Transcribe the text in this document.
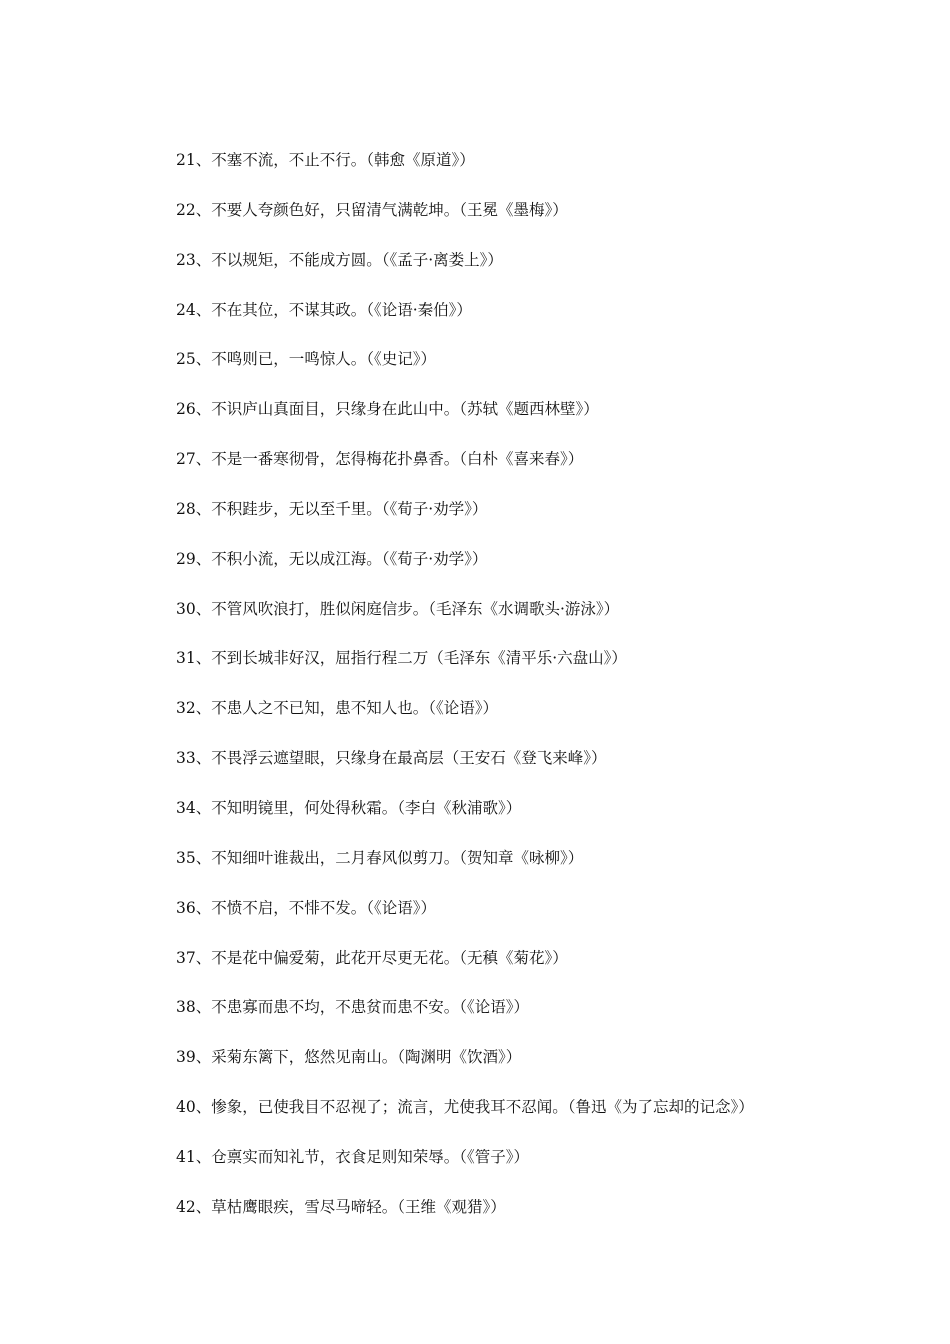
21、不塞不流，不止不行。（韩愈《原道》）
22、不要人夸颜色好，只留清气满乾坤。（王冕《墨梅》）
23、不以规矩，不能成方圆。（《孟子·离娄上》）
24、不在其位，不谋其政。（《论语·秦伯》）
25、不鸣则已，一鸣惊人。（《史记》）
26、不识庐山真面目，只缘身在此山中。（苏轼《题西林壁》）
27、不是一番寒彻骨，怎得梅花扑鼻香。（白朴《喜来春》）
28、不积跬步，无以至千里。（《荀子·劝学》）
29、不积小流，无以成江海。（《荀子·劝学》）
30、不管风吹浪打，胜似闲庭信步。（毛泽东《水调歌头·游泳》）
31、不到长城非好汉，屈指行程二万（毛泽东《清平乐·六盘山》）
32、不患人之不已知，患不知人也。（《论语》）
33、不畏浮云遮望眼，只缘身在最高层（王安石《登飞来峰》）
34、不知明镜里，何处得秋霜。（李白《秋浦歌》）
35、不知细叶谁裁出，二月春风似剪刀。（贺知章《咏柳》）
36、不愤不启，不悱不发。（《论语》）
37、不是花中偏爱菊，此花开尽更无花。（无稹《菊花》）
38、不患寡而患不均，不患贫而患不安。（《论语》）
39、采菊东篱下，悠然见南山。（陶渊明《饮酒》）
40、惨象，已使我目不忍视了；流言，尤使我耳不忍闻。（鲁迅《为了忘却的记念》）
41、仓禀实而知礼节，衣食足则知荣辱。（《管子》）
42、草枯鹰眼疾，雪尽马啼轻。（王维《观猎》）
